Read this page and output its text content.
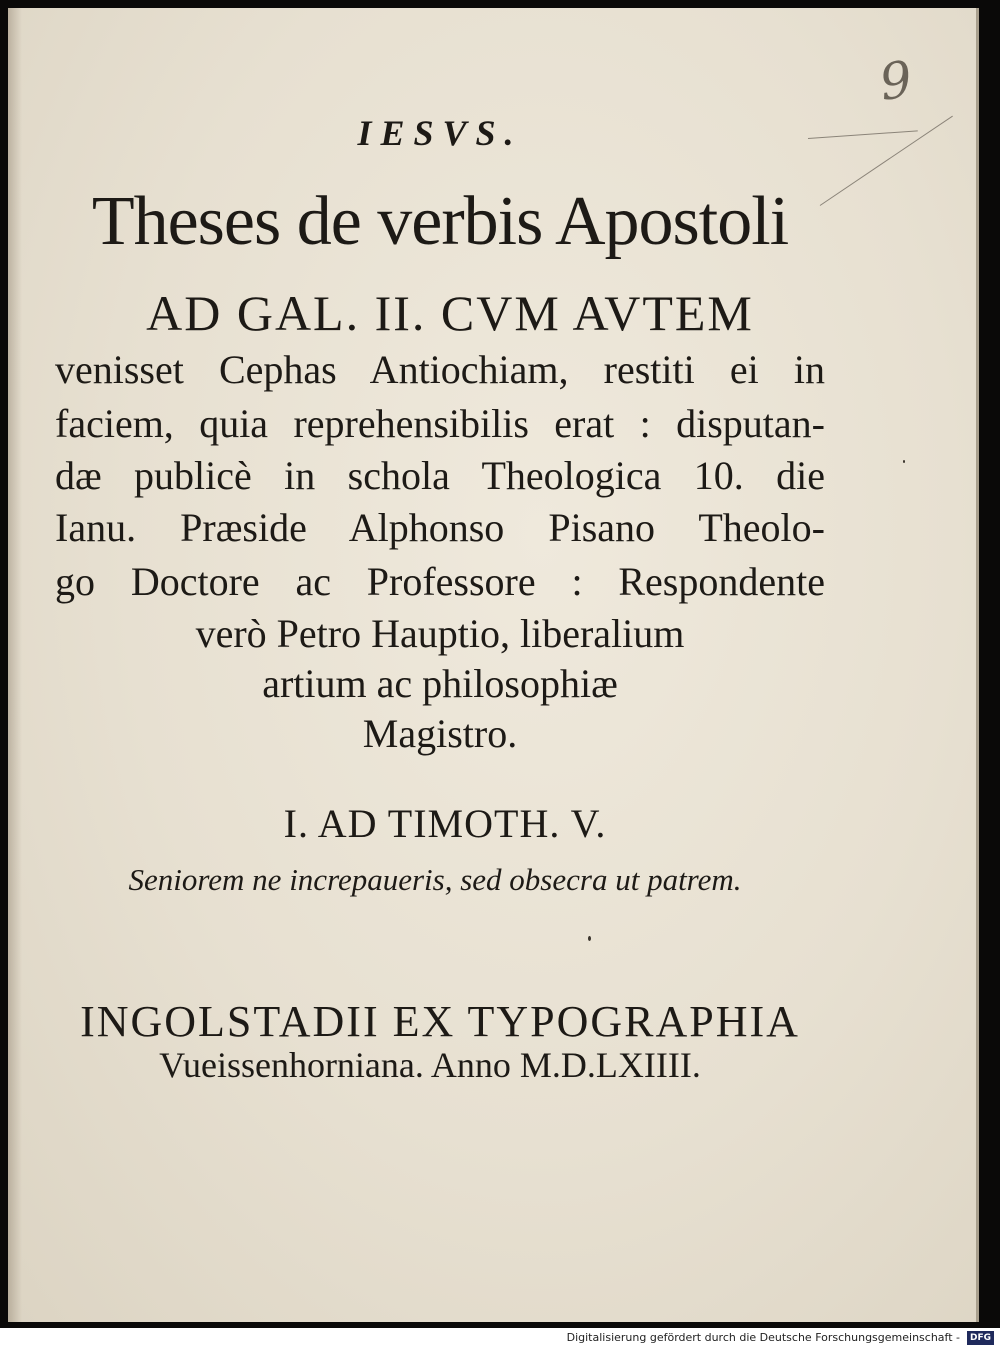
9
IESVS.
Theses de verbis Apostoli
AD GAL. II. CVM AVTEM
venisset Cephas Antiochiam, restiti ei in
faciem, quia reprehensibilis erat : disputan-
dæ publicè in schola Theologica 10. die
Ianu. Præside Alphonso Pisano Theolo-
go Doctore ac Professore : Respondente
verò Petro Hauptio, liberalium
artium ac philosophiæ
Magistro.
I. AD TIMOTH. V.
Seniorem ne increpaueris, sed obsecra ut patrem.
INGOLSTADII EX TYPOGRAPHIA
Vueissenhorniana. Anno M.D.LXIIII.
Digitalisierung gefördert durch die Deutsche Forschungsgemeinschaft -	DFG
